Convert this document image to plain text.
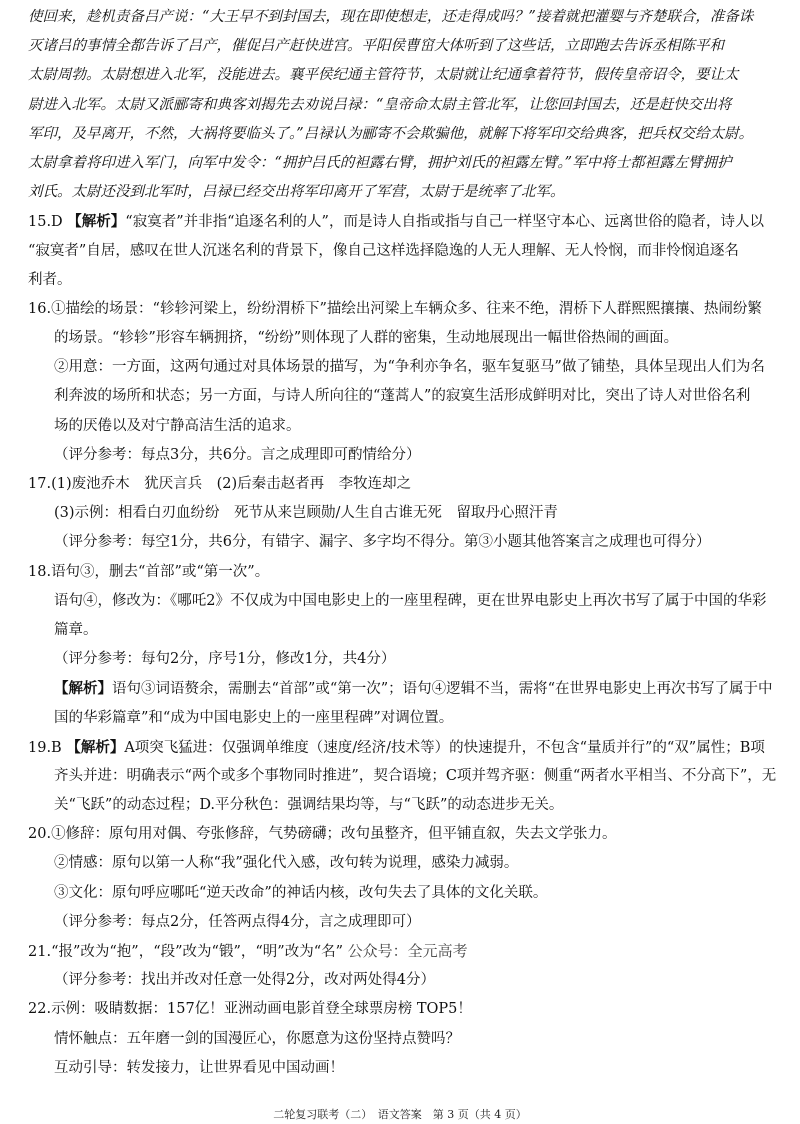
使回来，趁机责备吕产说：“大王早不到封国去，现在即使想走，还走得成吗？”接着就把灌婴与齐楚联合，准备诛
灭诸吕的事情全都告诉了吕产，催促吕产赶快进宫。平阳侯曹窋大体听到了这些话，立即跑去告诉丞相陈平和
太尉周勃。太尉想进入北军，没能进去。襄平侯纪通主管符节，太尉就让纪通拿着符节，假传皇帝诏令，要让太
尉进入北军。太尉又派郦寄和典客刘揭先去劝说吕禄：“皇帝命太尉主管北军，让您回封国去，还是赶快交出将
军印，及早离开，不然，大祸将要临头了。”吕禄认为郦寄不会欺骗他，就解下将军印交给典客，把兵权交给太尉。
太尉拿着将印进入军门，向军中发令：“拥护吕氏的袒露右臂，拥护刘氏的袒露左臂。”军中将士都袒露左臂拥护
刘氏。太尉还没到北军时，吕禄已经交出将军印离开了军营，太尉于是统率了北军。
15.D 【解析】“寂寞者”并非指“追逐名利的人”，而是诗人自指或指与自己一样坚守本心、远离世俗的隐者，诗人以
“寂寞者”自居，感叹在世人沉迷名利的背景下，像自己这样选择隐逸的人无人理解、无人怜悯，而非怜悯追逐名
利者。
16.①描绘的场景：“轸轸河梁上，纷纷渭桥下”描绘出河梁上车辆众多、往来不绝，渭桥下人群熙熙攘攘、热闹纷繁
的场景。“轸轸”形容车辆拥挤，“纷纷”则体现了人群的密集，生动地展现出一幅世俗热闹的画面。
②用意：一方面，这两句通过对具体场景的描写，为“争利亦争名，驱车复驱马”做了铺垫，具体呈现出人们为名
利奔波的场所和状态；另一方面，与诗人所向往的“蓬蒿人”的寂寞生活形成鲜明对比，突出了诗人对世俗名利
场的厌倦以及对宁静高洁生活的追求。
（评分参考：每点3分，共6分。言之成理即可酌情给分）
17.(1)废池乔木　犹厌言兵　(2)后秦击赵者再　李牧连却之
(3)示例：相看白刃血纷纷　死节从来岂顾勋/人生自古谁无死　留取丹心照汗青
（评分参考：每空1分，共6分，有错字、漏字、多字均不得分。第③小题其他答案言之成理也可得分）
18.语句③，删去“首部”或“第一次”。
语句④，修改为：《哪吒2》不仅成为中国电影史上的一座里程碑，更在世界电影史上再次书写了属于中国的华彩
篇章。
（评分参考：每句2分，序号1分，修改1分，共4分）
【解析】语句③词语赘余，需删去“首部”或“第一次”；语句④逻辑不当，需将“在世界电影史上再次书写了属于中
国的华彩篇章”和“成为中国电影史上的一座里程碑”对调位置。
19.B 【解析】A项突飞猛进：仅强调单维度（速度/经济/技术等）的快速提升，不包含“量质并行”的“双”属性；B项
齐头并进：明确表示“两个或多个事物同时推进”，契合语境；C项并驾齐驱：侧重“两者水平相当、不分高下”，无
关“飞跃”的动态过程；D.平分秋色：强调结果均等，与“飞跃”的动态进步无关。
20.①修辞：原句用对偶、夸张修辞，气势磅礴；改句虽整齐，但平铺直叙，失去文学张力。
②情感：原句以第一人称“我”强化代入感，改句转为说理，感染力减弱。
③文化：原句呼应哪吒“逆天改命”的神话内核，改句失去了具体的文化关联。
（评分参考：每点2分，任答两点得4分，言之成理即可）
21.“报”改为“抱”，“段”改为“锻”，“明”改为“名” 公众号：全元高考
（评分参考：找出并改对任意一处得2分，改对两处得4分）
22.示例：吸睛数据：157亿！亚洲动画电影首登全球票房榜 TOP5！
情怀触点：五年磨一剑的国漫匠心，你愿意为这份坚持点赞吗？
互动引导：转发接力，让世界看见中国动画！
二轮复习联考（二）　语文答案　第 3 页（共 4 页）
